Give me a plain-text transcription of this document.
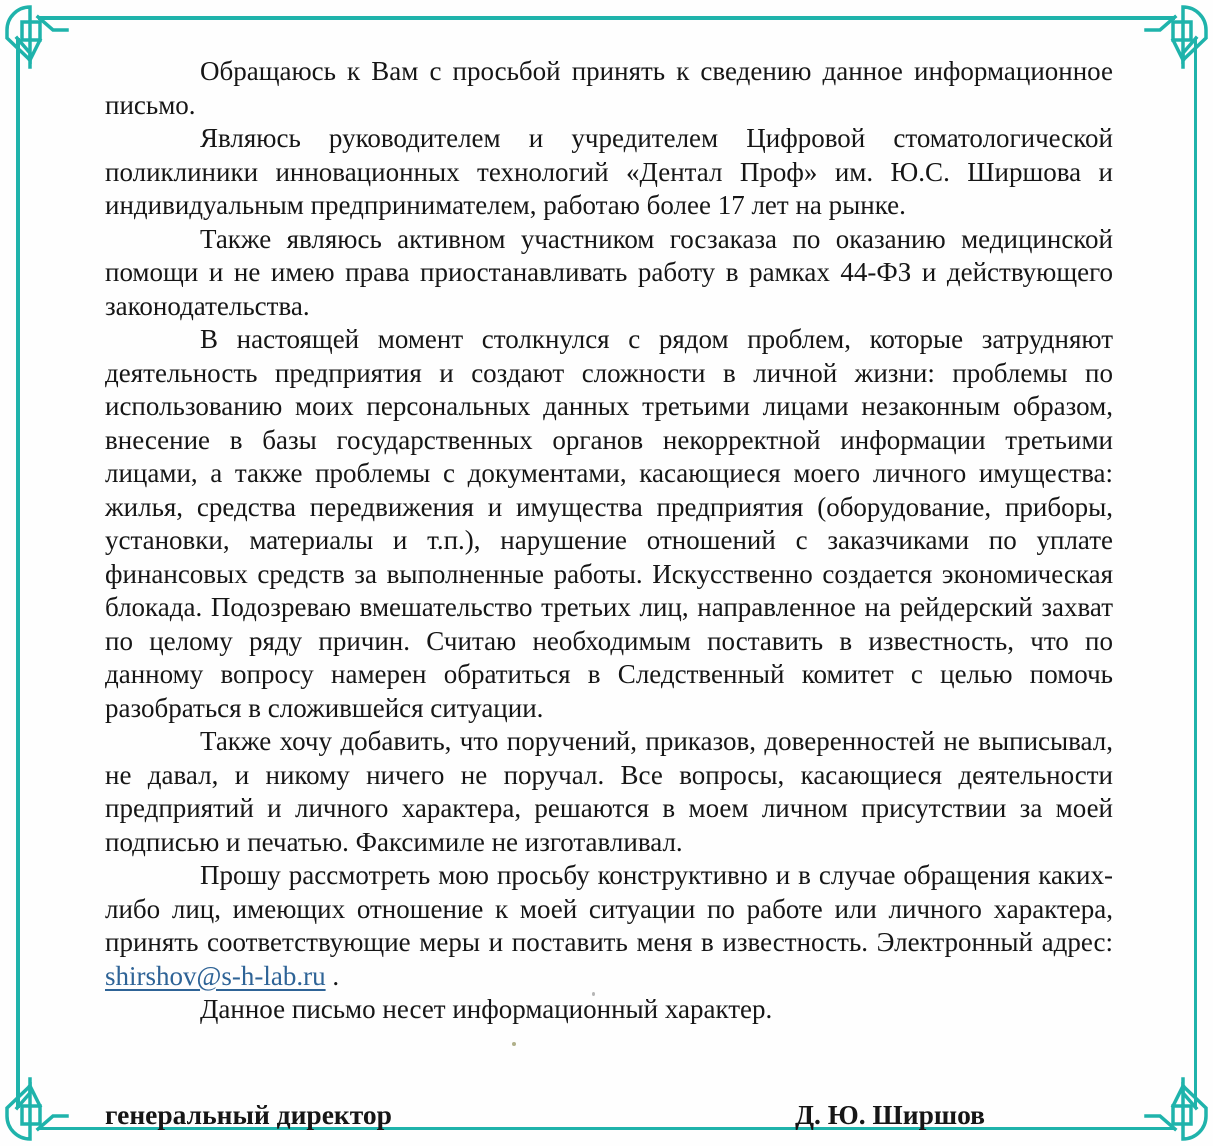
Обращаюсь к Вам с просьбой принять к сведению данное информационное письмо.

Являюсь руководителем и учредителем Цифровой стоматологической поликлиники инновационных технологий «Дентал Проф» им. Ю.С. Ширшова и индивидуальным предпринимателем, работаю более 17 лет на рынке.

Также являюсь активном участником госзаказа по оказанию медицинской помощи и не имею права приостанавливать работу в рамках 44-ФЗ и действующего законодательства.

В настоящей момент столкнулся с рядом проблем, которые затрудняют деятельность предприятия и создают сложности в личной жизни: проблемы по использованию моих персональных данных третьими лицами незаконным образом, внесение в базы государственных органов некорректной информации третьими лицами, а также проблемы с документами, касающиеся моего личного имущества: жилья, средства передвижения и имущества предприятия (оборудование, приборы, установки, материалы и т.п.), нарушение отношений с заказчиками по уплате финансовых средств за выполненные работы. Искусственно создается экономическая блокада. Подозреваю вмешательство третьих лиц, направленное на рейдерский захват по целому ряду причин. Считаю необходимым поставить в известность, что по данному вопросу намерен обратиться в Следственный комитет с целью помочь разобраться в сложившейся ситуации.

Также хочу добавить, что поручений, приказов, доверенностей не выписывал, не давал, и никому ничего не поручал. Все вопросы, касающиеся деятельности предприятий и личного характера, решаются в моем личном присутствии за моей подписью и печатью. Факсимиле не изготавливал.

Прошу рассмотреть мою просьбу конструктивно и в случае обращения каких-либо лиц, имеющих отношение к моей ситуации по работе или личного характера, принять соответствующие меры и поставить меня в известность. Электронный адрес: shirshov@s-h-lab.ru .

Данное письмо несет информационный характер.

генеральный директор	Д. Ю. Ширшов
